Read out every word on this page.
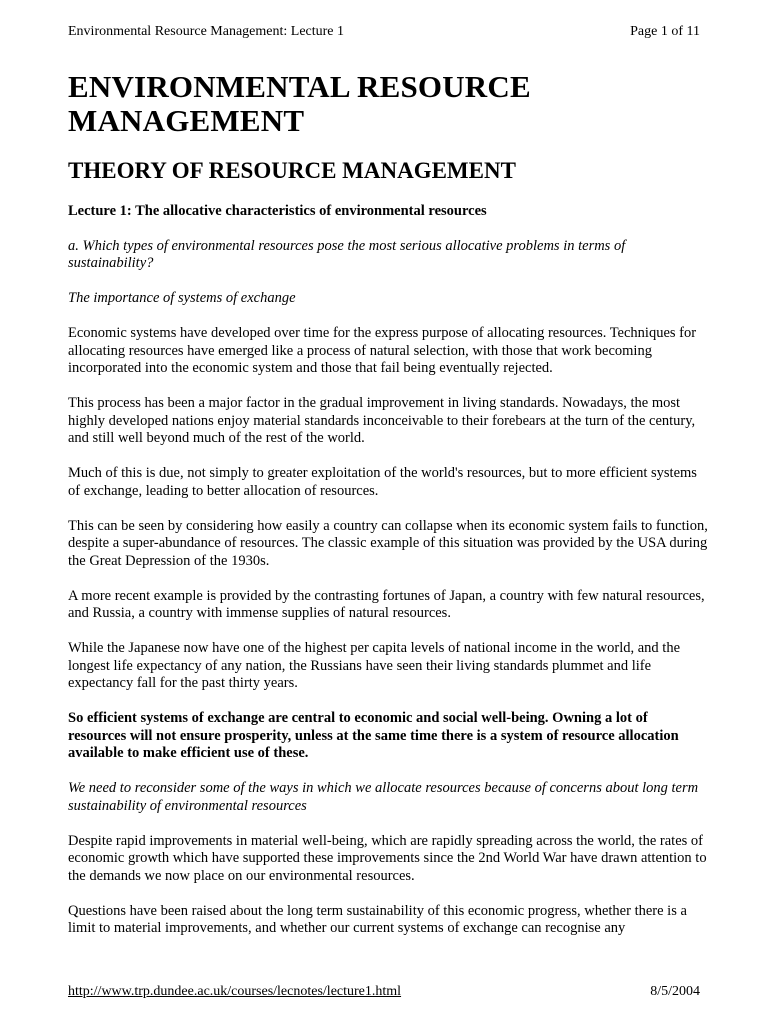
Environmental Resource Management: Lecture 1	Page 1 of 11
ENVIRONMENTAL RESOURCE MANAGEMENT
THEORY OF RESOURCE MANAGEMENT
Lecture 1: The allocative characteristics of environmental resources

a. Which types of environmental resources pose the most serious allocative problems in terms of sustainability?

The importance of systems of exchange

Economic systems have developed over time for the express purpose of allocating resources. Techniques for allocating resources have emerged like a process of natural selection, with those that work becoming incorporated into the economic system and those that fail being eventually rejected.

This process has been a major factor in the gradual improvement in living standards. Nowadays, the most highly developed nations enjoy material standards inconceivable to their forebears at the turn of the century, and still well beyond much of the rest of the world.

Much of this is due, not simply to greater exploitation of the world's resources, but to more efficient systems of exchange, leading to better allocation of resources.

This can be seen by considering how easily a country can collapse when its economic system fails to function, despite a super-abundance of resources. The classic example of this situation was provided by the USA during the Great Depression of the 1930s.

A more recent example is provided by the contrasting fortunes of Japan, a country with few natural resources, and Russia, a country with immense supplies of natural resources.

While the Japanese now have one of the highest per capita levels of national income in the world, and the longest life expectancy of any nation, the Russians have seen their living standards plummet and life expectancy fall for the past thirty years.

So efficient systems of exchange are central to economic and social well-being. Owning a lot of resources will not ensure prosperity, unless at the same time there is a system of resource allocation available to make efficient use of these.

We need to reconsider some of the ways in which we allocate resources because of concerns about long term sustainability of environmental resources

Despite rapid improvements in material well-being, which are rapidly spreading across the world, the rates of economic growth which have supported these improvements since the 2nd World War have drawn attention to the demands we now place on our environmental resources.

Questions have been raised about the long term sustainability of this economic progress, whether there is a limit to material improvements, and whether our current systems of exchange can recognise any

http://www.trp.dundee.ac.uk/courses/lecnotes/lecture1.html	8/5/2004
